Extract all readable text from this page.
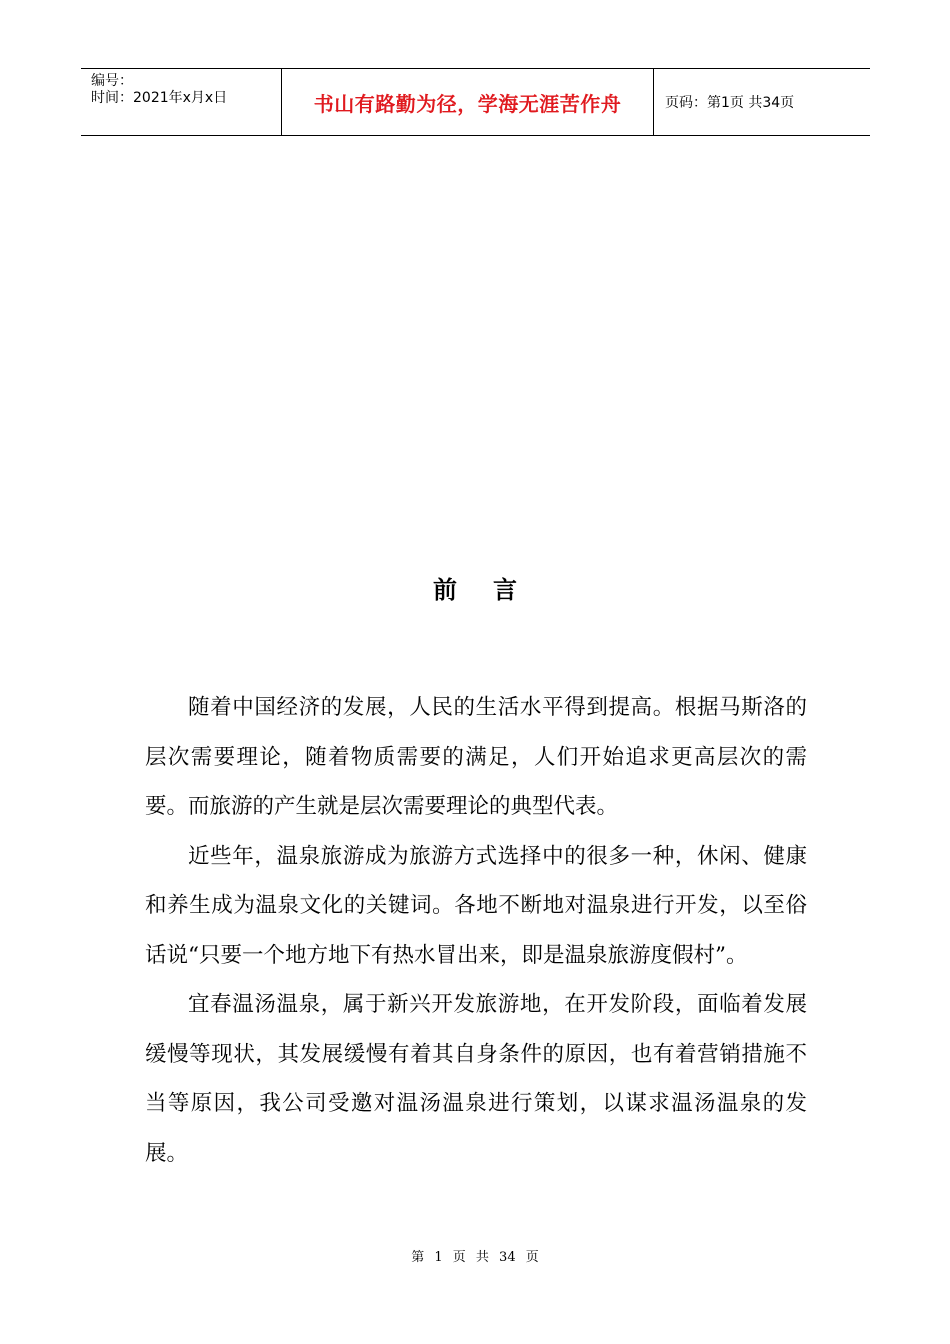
编号：
时间：2021年x月x日	书山有路勤为径，学海无涯苦作舟	页码：第1页 共34页
前言

随着中国经济的发展，人民的生活水平得到提高。根据马斯洛的层次需要理论，随着物质需要的满足，人们开始追求更高层次的需要。而旅游的产生就是层次需要理论的典型代表。

近些年，温泉旅游成为旅游方式选择中的很多一种，休闲、健康和养生成为温泉文化的关键词。各地不断地对温泉进行开发，以至俗话说“只要一个地方地下有热水冒出来，即是温泉旅游度假村”。

宜春温汤温泉，属于新兴开发旅游地，在开发阶段，面临着发展缓慢等现状，其发展缓慢有着其自身条件的原因，也有着营销措施不当等原因，我公司受邀对温汤温泉进行策划，以谋求温汤温泉的发展。

第 1 页 共 34 页
